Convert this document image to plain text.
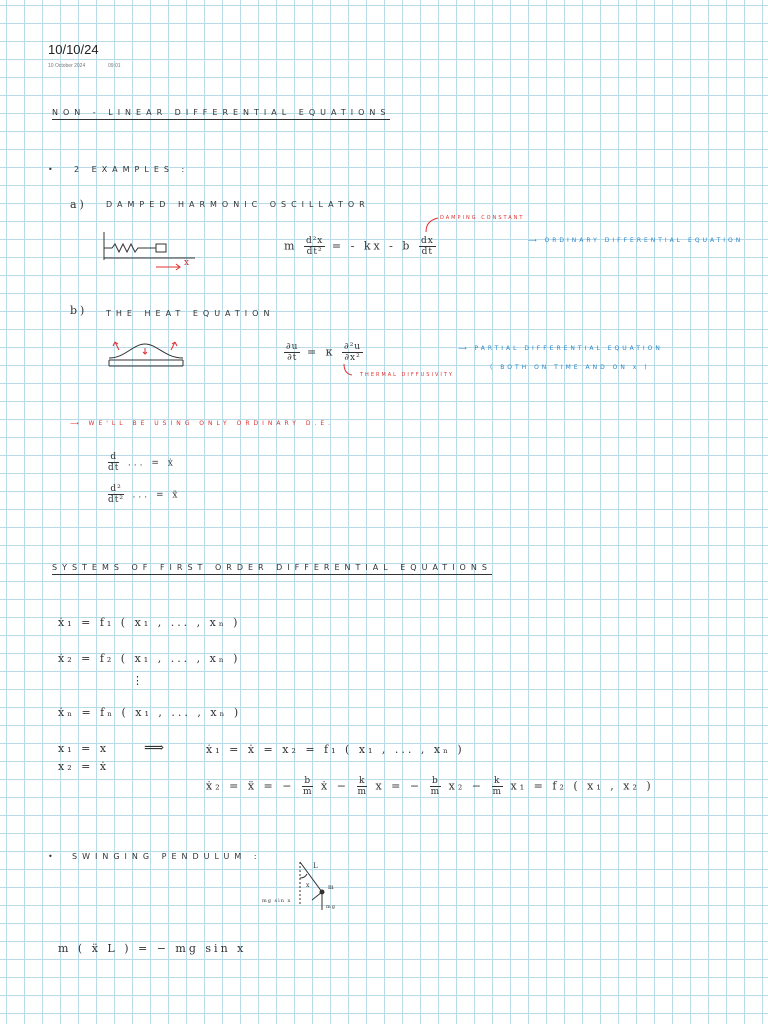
10/10/24
10 October 2024	09:01
NON - LINEAR DIFFERENTIAL EQUATIONS
• 2 EXAMPLES :
a) DAMPED HARMONIC OSCILLATOR
x
m $\frac{\text{d²x}}{\text{dt²}}$ = - kx - b $\frac{dx}{dt}$
DAMPING CONSTANT
⟶ ORDINARY DIFFERENTIAL EQUATION
b) THE HEAT EQUATION
$\frac{\partial u}{\partial t} = \kappa \frac{\text{∂²u}}{\text{∂x²}}$
THERMAL DIFFUSIVITY
⟶ PARTIAL DIFFERENTIAL EQUATION
( BOTH ON TIME AND ON x )
⟶ WE'LL BE USING ONLY ORDINARY D.E.
$\frac{d}{dt}$ ... = ẋ
$\frac{\text{d²}}{\text{dt²}}$ ... = ẍ
SYSTEMS OF FIRST ORDER DIFFERENTIAL EQUATIONS
ẋ₁ = f₁ ( x₁ , ... , xₙ )
ẋ₂ = f₂ ( x₁ , ... , xₙ )
⋮
ẋₙ = fₙ ( x₁ , ... , xₙ )
x₁ = x
x₂ = ẋ
⟹	ẋ₁ = ẋ = x₂ = f₁ ( x₁ , ... , xₙ )
ẋ₂ = ẍ = − $\frac{b}{m}$ ẋ − $\frac{k}{m}$ x = − $\frac{b}{m} x_2 - \frac{k}{m} x_1 = f_2$ ( x₁ , x₂ )
• SWINGING PENDULUM :
L
x	m
mg sin x
mg
m ( ẍ L ) = − mg sin x
